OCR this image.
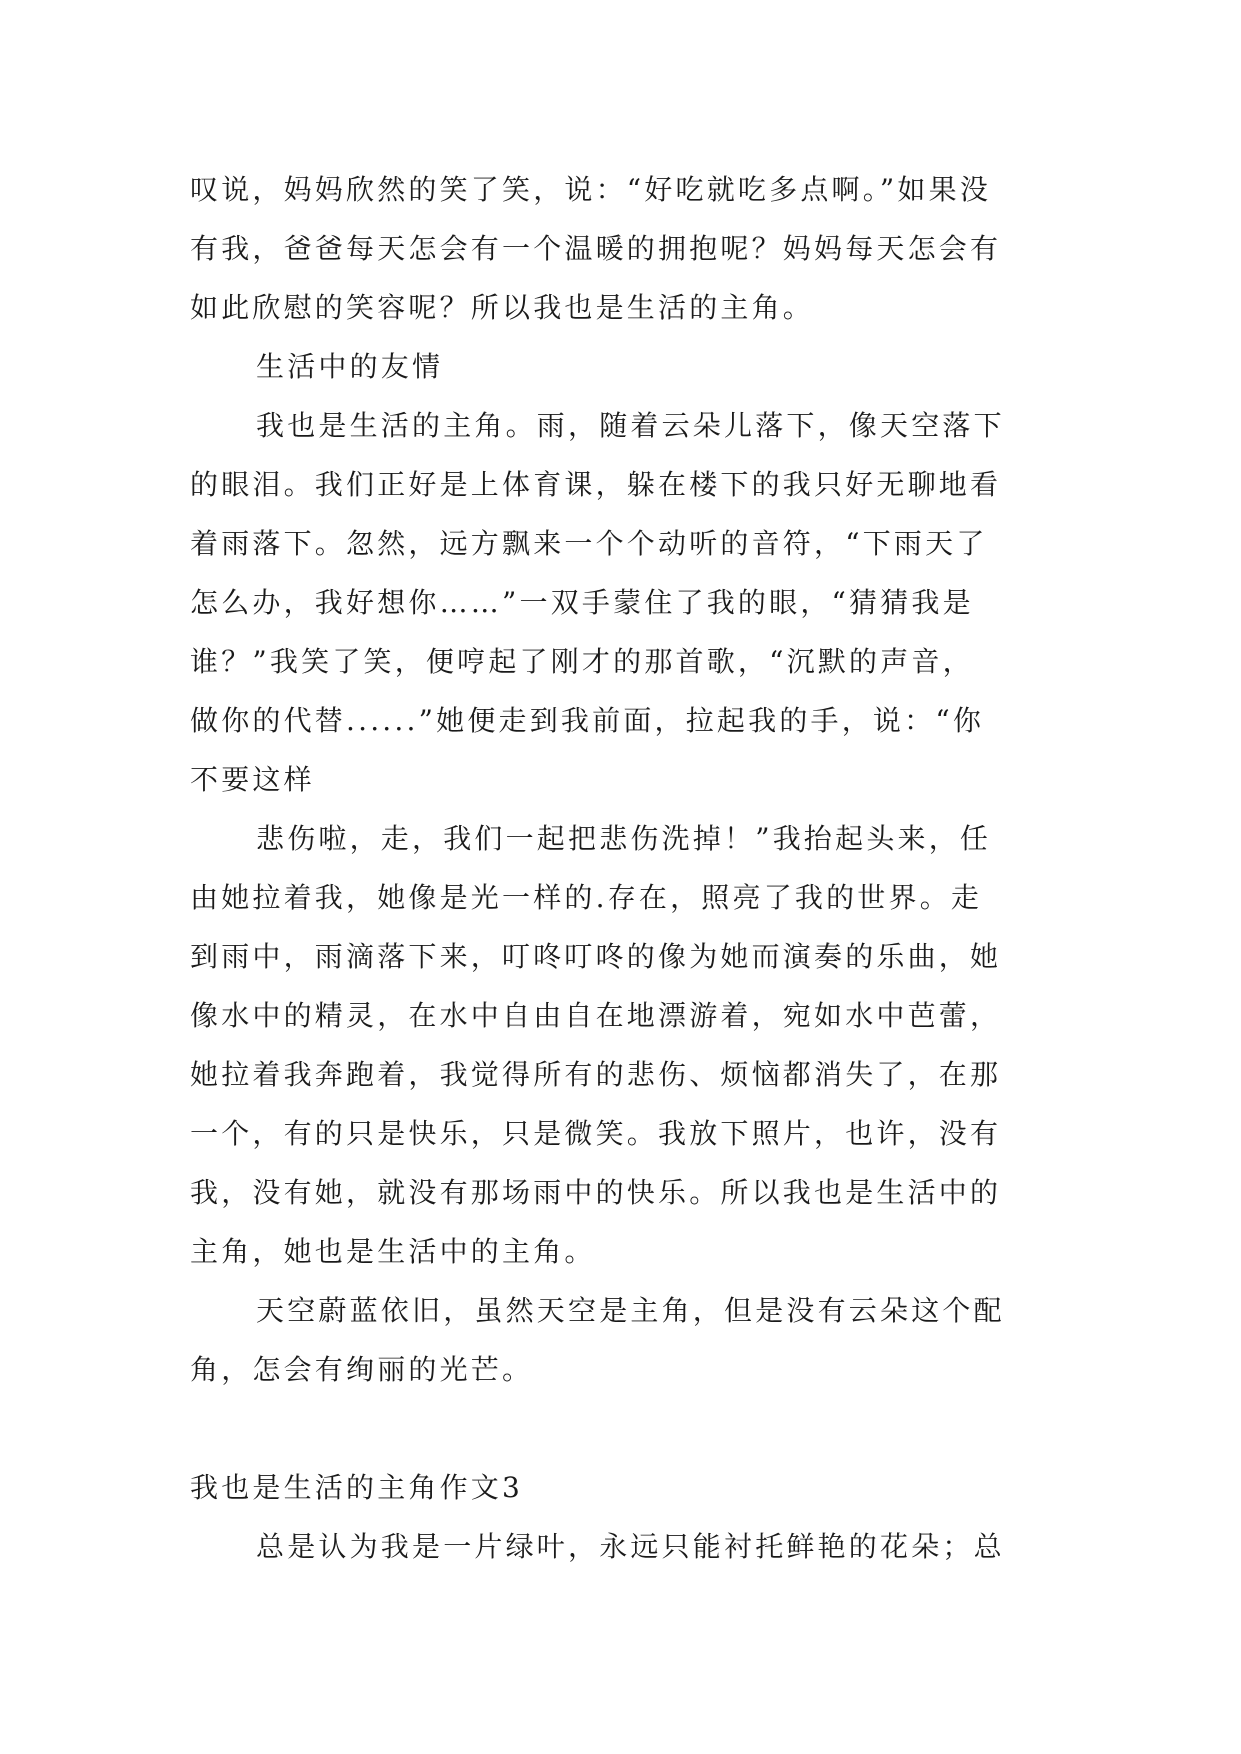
叹说，妈妈欣然的笑了笑，说：“好吃就吃多点啊。”如果没
有我，爸爸每天怎会有一个温暖的拥抱呢？妈妈每天怎会有
如此欣慰的笑容呢？所以我也是生活的主角。
生活中的友情
我也是生活的主角。雨，随着云朵儿落下，像天空落下
的眼泪。我们正好是上体育课，躲在楼下的我只好无聊地看
着雨落下。忽然，远方飘来一个个动听的音符，“下雨天了
怎么办，我好想你……”一双手蒙住了我的眼，“猜猜我是
谁？”我笑了笑，便哼起了刚才的那首歌，“沉默的声音，
做你的代替......”她便走到我前面，拉起我的手，说：“你
不要这样
悲伤啦，走，我们一起把悲伤洗掉！”我抬起头来，任
由她拉着我，她像是光一样的.存在，照亮了我的世界。走
到雨中，雨滴落下来，叮咚叮咚的像为她而演奏的乐曲，她
像水中的精灵，在水中自由自在地漂游着，宛如水中芭蕾，
她拉着我奔跑着，我觉得所有的悲伤、烦恼都消失了，在那
一个，有的只是快乐，只是微笑。我放下照片，也许，没有
我，没有她，就没有那场雨中的快乐。所以我也是生活中的
主角，她也是生活中的主角。
天空蔚蓝依旧，虽然天空是主角，但是没有云朵这个配
角，怎会有绚丽的光芒。
我也是生活的主角作文3
总是认为我是一片绿叶，永远只能衬托鲜艳的花朵；总
